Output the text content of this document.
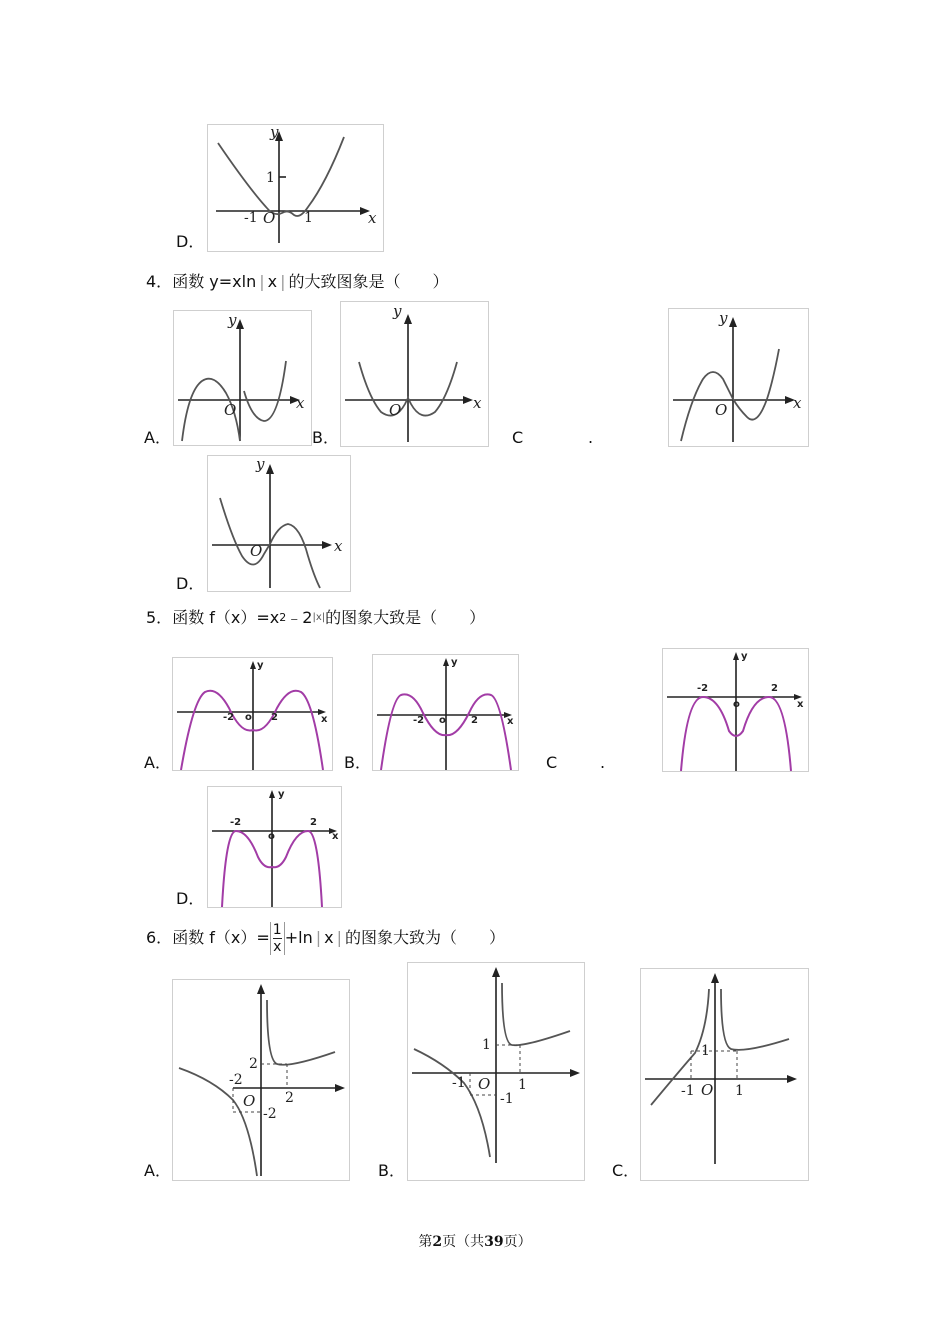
D．
y
x
1
-1 O 1
4．函数 y=xln | x | 的大致图象是（　　）
A．
y
x
O
B．
y
x
O
C	.
y
x
O
D．
y
x
O
5．函数 $f(x)=x^2﹣2^{|x|}$的图象大致是（　　）
A．
y
x
-2 o 2
B．
y
x
-2 o	2
C	.
y
x
-2
o
2
D．
y
x
-2
o
2
6．函数 $f(x)= \frac{1}{x}+\ln$ | x | 的图象大致为（　　）
A．
2
-2
O 2
-2
B．
1
-1 O 1
-1
C．
1
-1 O 1
第2页（共39页）
